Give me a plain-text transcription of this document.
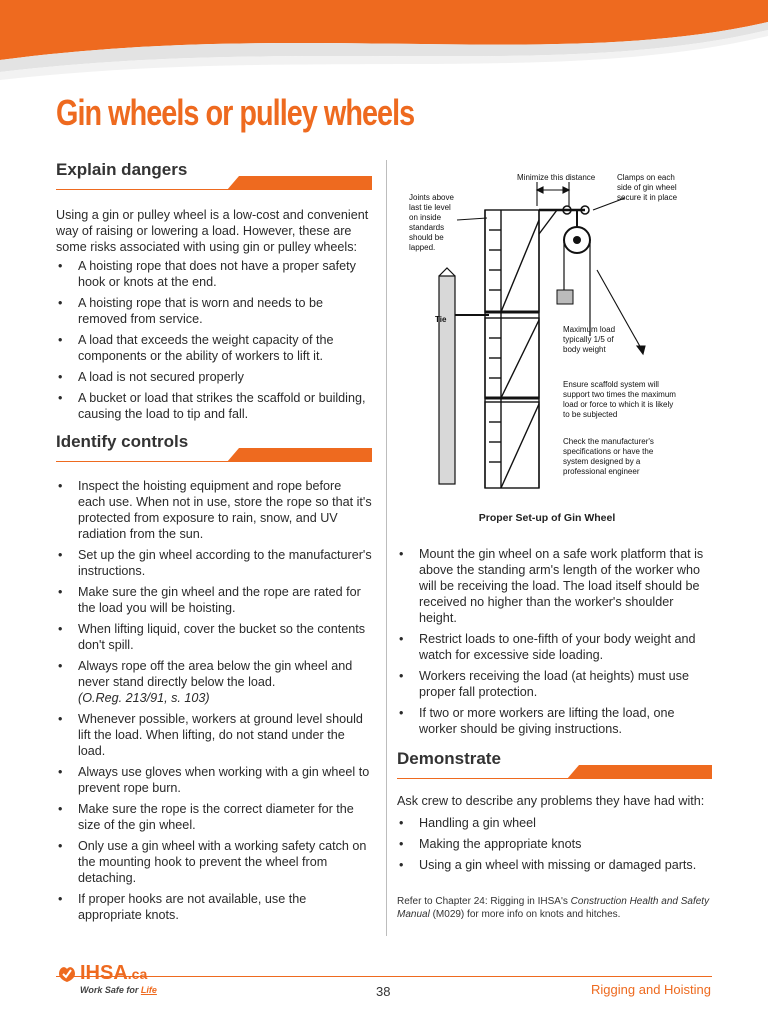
Gin wheels or pulley wheels
Explain dangers

Using a gin or pulley wheel is a low-cost and convenient way of raising or lowering a load. However, these are some risks associated with using gin or pulley wheels:

• A hoisting rope that does not have a proper safety hook or knots at the end.
• A hoisting rope that is worn and needs to be removed from service.
• A load that exceeds the weight capacity of the components or the ability of workers to lift it.
• A load is not secured properly
• A bucket or load that strikes the scaffold or building, causing the load to tip and fall.
Identify controls
• Inspect the hoisting equipment and rope before each use. When not in use, store the rope so that it's protected from exposure to rain, snow, and UV radiation from the sun.
• Set up the gin wheel according to the manufacturer's instructions.
• Make sure the gin wheel and the rope are rated for the load you will be hoisting.
• When lifting liquid, cover the bucket so the contents don't spill.
• Always rope off the area below the gin wheel and never stand directly below the load.
(O.Reg. 213/91, s. 103)
• Whenever possible, workers at ground level should lift the load. When lifting, do not stand under the load.
• Always use gloves when working with a gin wheel to prevent rope burn.
• Make sure the rope is the correct diameter for the size of the gin wheel.
• Only use a gin wheel with a working safety catch on the mounting hook to prevent the wheel from detaching.
• If proper hooks are not available, use the appropriate knots.
Minimize this distance	Clamps on each side of gin wheel secure it in place
Joints above last tie level on inside standards should be lapped.
Tie
Maximum load typically 1/5 of body weight
Ensure scaffold system will support two times the maximum load or force to which it is likely to be subjected
Check the manufacturer's specifications or have the system designed by a professional engineer
Proper Set-up of Gin Wheel
• Mount the gin wheel on a safe work platform that is above the standing arm's length of the worker who will be receiving the load. The load itself should be received no higher than the worker's shoulder height.
• Restrict loads to one-fifth of your body weight and watch for excessive side loading.
• Workers receiving the load (at heights) must use proper fall protection.
• If two or more workers are lifting the load, one worker should be giving instructions.
Demonstrate

Ask crew to describe any problems they have had with:

• Handling a gin wheel
• Making the appropriate knots
• Using a gin wheel with missing or damaged parts.

Refer to Chapter 24: Rigging in IHSA's Construction Health and Safety Manual (M029) for more info on knots and hitches.

IHSA.ca
Work Safe for Life	38	Rigging and Hoisting
